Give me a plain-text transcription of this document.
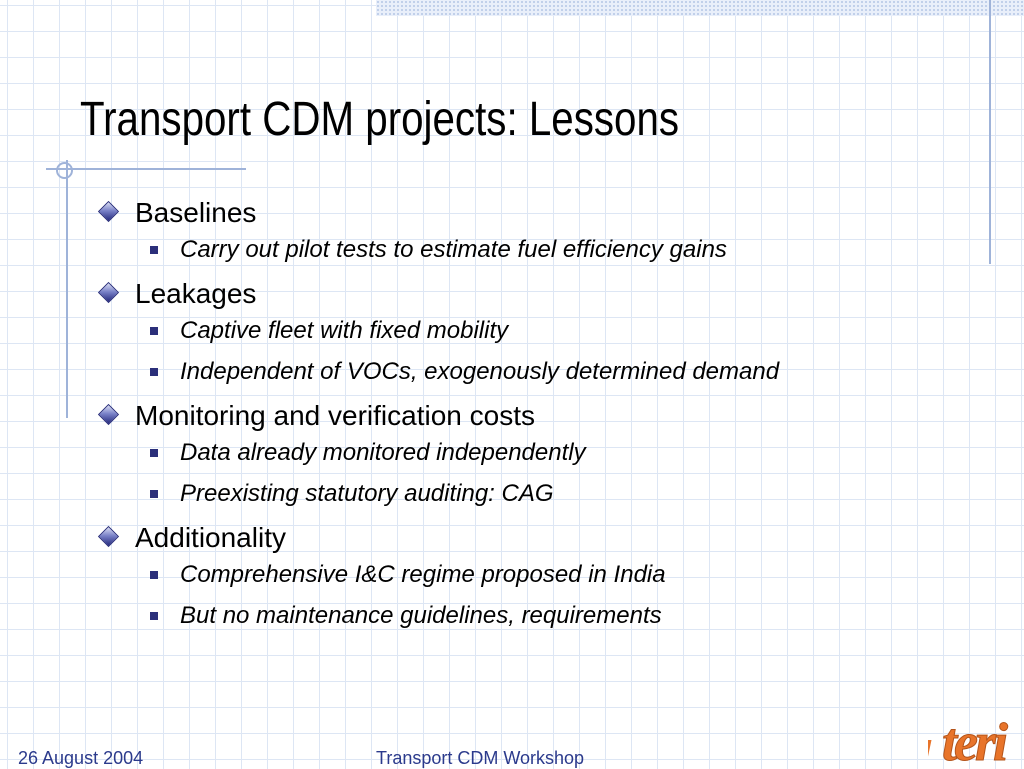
Transport CDM projects: Lessons
Baselines
Carry out pilot tests to estimate fuel efficiency gains
Leakages
Captive fleet with fixed mobility
Independent of VOCs, exogenously determined demand
Monitoring and verification costs
Data already monitored independently
Preexisting statutory auditing: CAG
Additionality
Comprehensive I&C regime proposed in India
But no maintenance guidelines, requirements
26 August 2004	Transport CDM Workshop	teri
